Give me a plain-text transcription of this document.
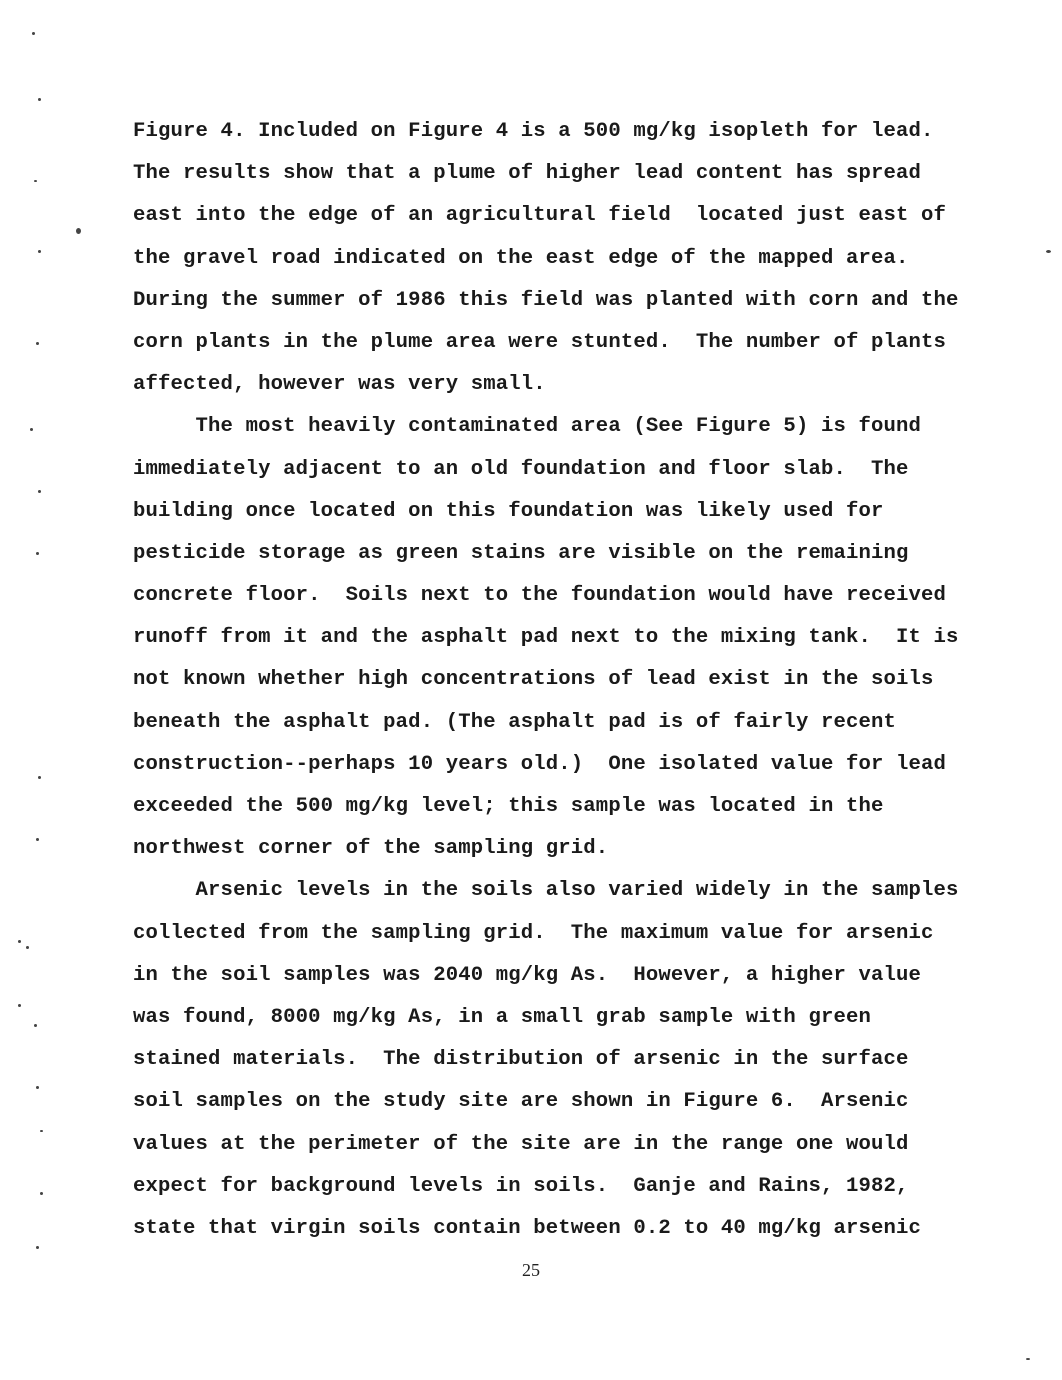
Figure 4. Included on Figure 4 is a 500 mg/kg isopleth for lead.
The results show that a plume of higher lead content has spread
east into the edge of an agricultural field  located just east of
the gravel road indicated on the east edge of the mapped area.
During the summer of 1986 this field was planted with corn and the
corn plants in the plume area were stunted.  The number of plants
affected, however was very small.
The most heavily contaminated area (See Figure 5) is found
immediately adjacent to an old foundation and floor slab.  The
building once located on this foundation was likely used for
pesticide storage as green stains are visible on the remaining
concrete floor.  Soils next to the foundation would have received
runoff from it and the asphalt pad next to the mixing tank.  It is
not known whether high concentrations of lead exist in the soils
beneath the asphalt pad. (The asphalt pad is of fairly recent
construction--perhaps 10 years old.)  One isolated value for lead
exceeded the 500 mg/kg level; this sample was located in the
northwest corner of the sampling grid.
Arsenic levels in the soils also varied widely in the samples
collected from the sampling grid.  The maximum value for arsenic
in the soil samples was 2040 mg/kg As.  However, a higher value
was found, 8000 mg/kg As, in a small grab sample with green
stained materials.  The distribution of arsenic in the surface
soil samples on the study site are shown in Figure 6.  Arsenic
values at the perimeter of the site are in the range one would
expect for background levels in soils.  Ganje and Rains, 1982,
state that virgin soils contain between 0.2 to 40 mg/kg arsenic
25
